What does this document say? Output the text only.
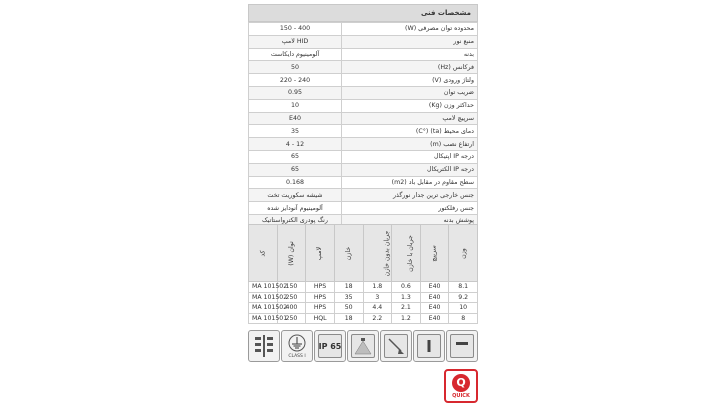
مشخصات فنی
150 - 400	محدوده توان مصرفی (W)
لامپ HID	منبع نور
آلومینیوم دایکاست	بدنه
50	فرکانس (Hz)
220 - 240	ولتاژ ورودی (V)
0.95	ضریب توان
10	حداکثر وزن (Kg)
E40	سرپیچ لامپ
35	دمای محیط (ta) (°C)
4 - 12	ارتفاع نصب (m)
65	درجه IP اپتیکال
65	درجه IP الکتریکال
0.168	سطح مقاوم در مقابل باد (m2)
شیشه سکوریت تخت	جنس خارجی ترین جدار نورگذر
آلومینیوم آنودایز شده	جنس رفلکتور
رنگ پودری الکترواستاتیک	پوشش بدنه
کد	توان (W)	لامپ	خازن	جریان بدون خازن	جریان با خازن	سرپیچ	وزن
MA 101502	150	HPS	18	1.8	0.6	E40	8.1
MA 101502	250	HPS	35	3	1.3	E40	9.2
MA 101502	400	HPS	50	4.4	2.1	E40	10
MA 101501	250	HQL	18	2.2	1.2	E40	8
CLASS I
IP 65
Q
QUICK
